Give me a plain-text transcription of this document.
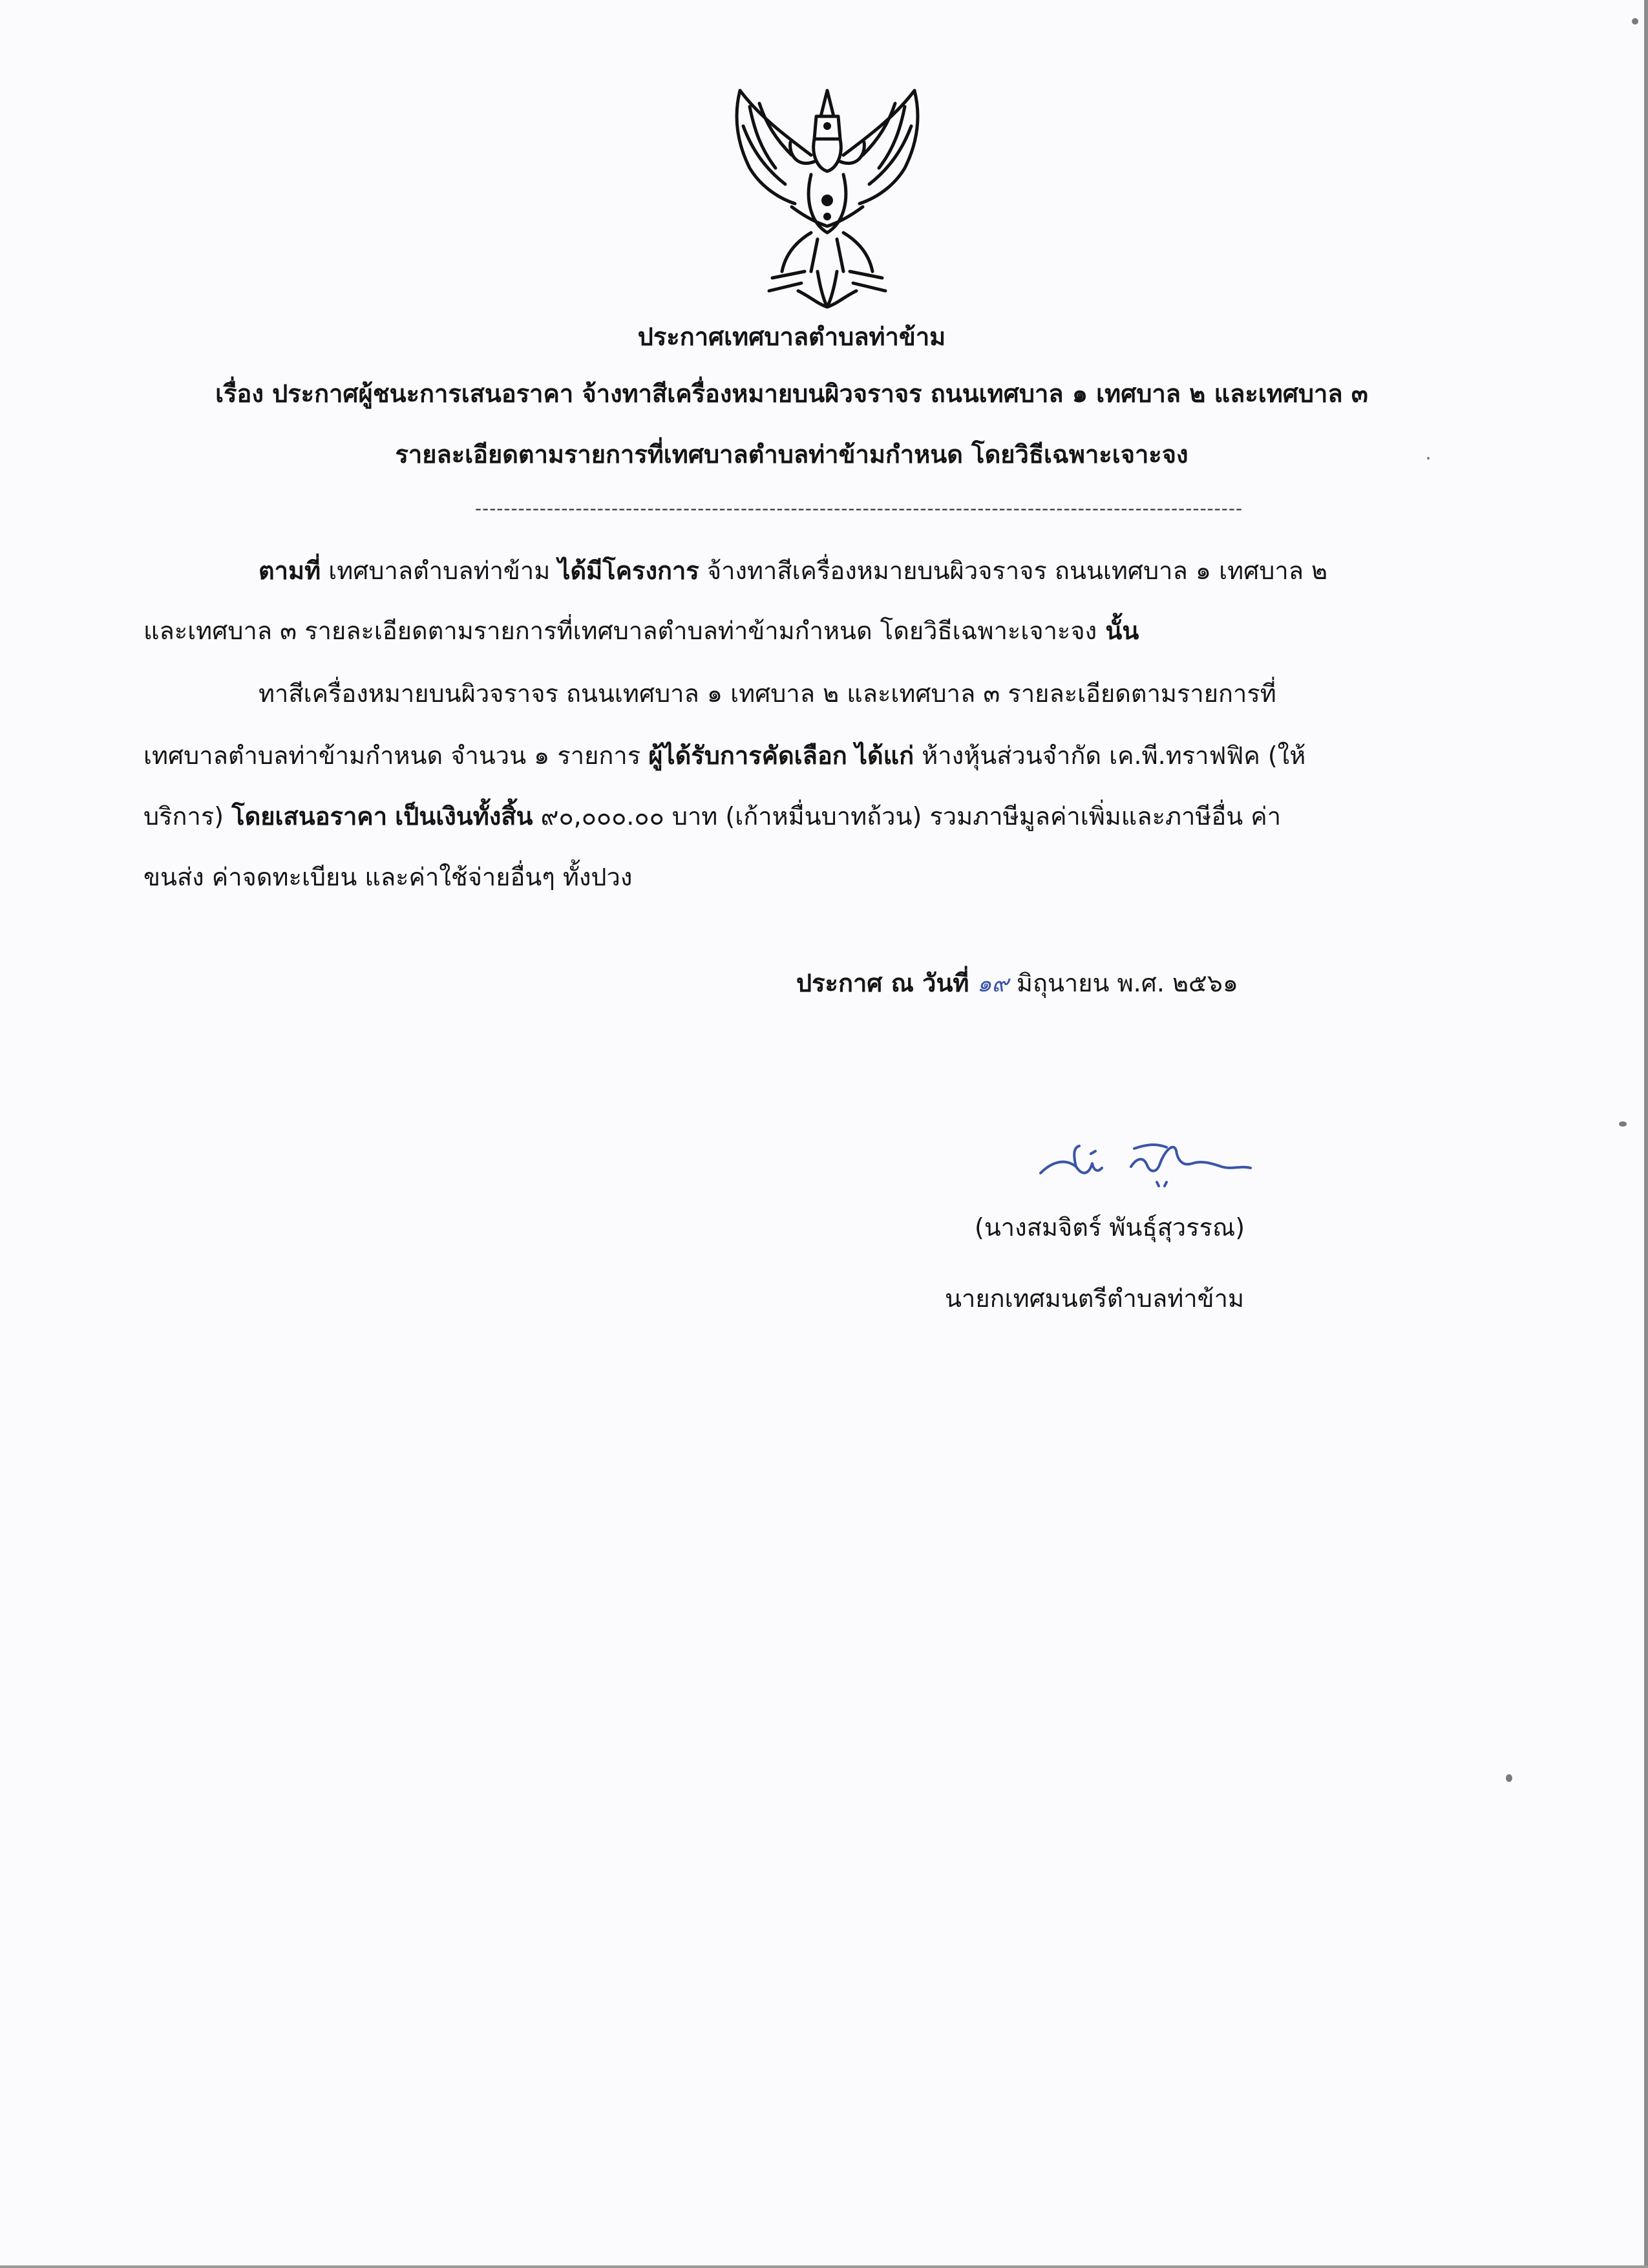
ประกาศเทศบาลตำบลท่าข้าม
เรื่อง ประกาศผู้ชนะการเสนอราคา จ้างทาสีเครื่องหมายบนผิวจราจร ถนนเทศบาล ๑ เทศบาล ๒ และเทศบาล ๓
รายละเอียดตามรายการที่เทศบาลตำบลท่าข้ามกำหนด โดยวิธีเฉพาะเจาะจง
-----------------------------------------------------------------------------------------------------------
ตามที่ เทศบาลตำบลท่าข้าม ได้มีโครงการ จ้างทาสีเครื่องหมายบนผิวจราจร ถนนเทศบาล ๑ เทศบาล ๒
และเทศบาล ๓ รายละเอียดตามรายการที่เทศบาลตำบลท่าข้ามกำหนด โดยวิธีเฉพาะเจาะจง นั้น
ทาสีเครื่องหมายบนผิวจราจร ถนนเทศบาล ๑ เทศบาล ๒ และเทศบาล ๓ รายละเอียดตามรายการที่
เทศบาลตำบลท่าข้ามกำหนด จำนวน ๑ รายการ ผู้ได้รับการคัดเลือก ได้แก่ ห้างหุ้นส่วนจำกัด เค.พี.ทราฟฟิค (ให้
บริการ) โดยเสนอราคา เป็นเงินทั้งสิ้น ๙๐,๐๐๐.๐๐ บาท (เก้าหมื่นบาทถ้วน) รวมภาษีมูลค่าเพิ่มและภาษีอื่น ค่า
ขนส่ง ค่าจดทะเบียน และค่าใช้จ่ายอื่นๆ ทั้งปวง
ประกาศ ณ วันที่ ๑๙ มิถุนายน พ.ศ. ๒๕๖๑
(นางสมจิตร์ พันธุ์สุวรรณ)
นายกเทศมนตรีตำบลท่าข้าม
